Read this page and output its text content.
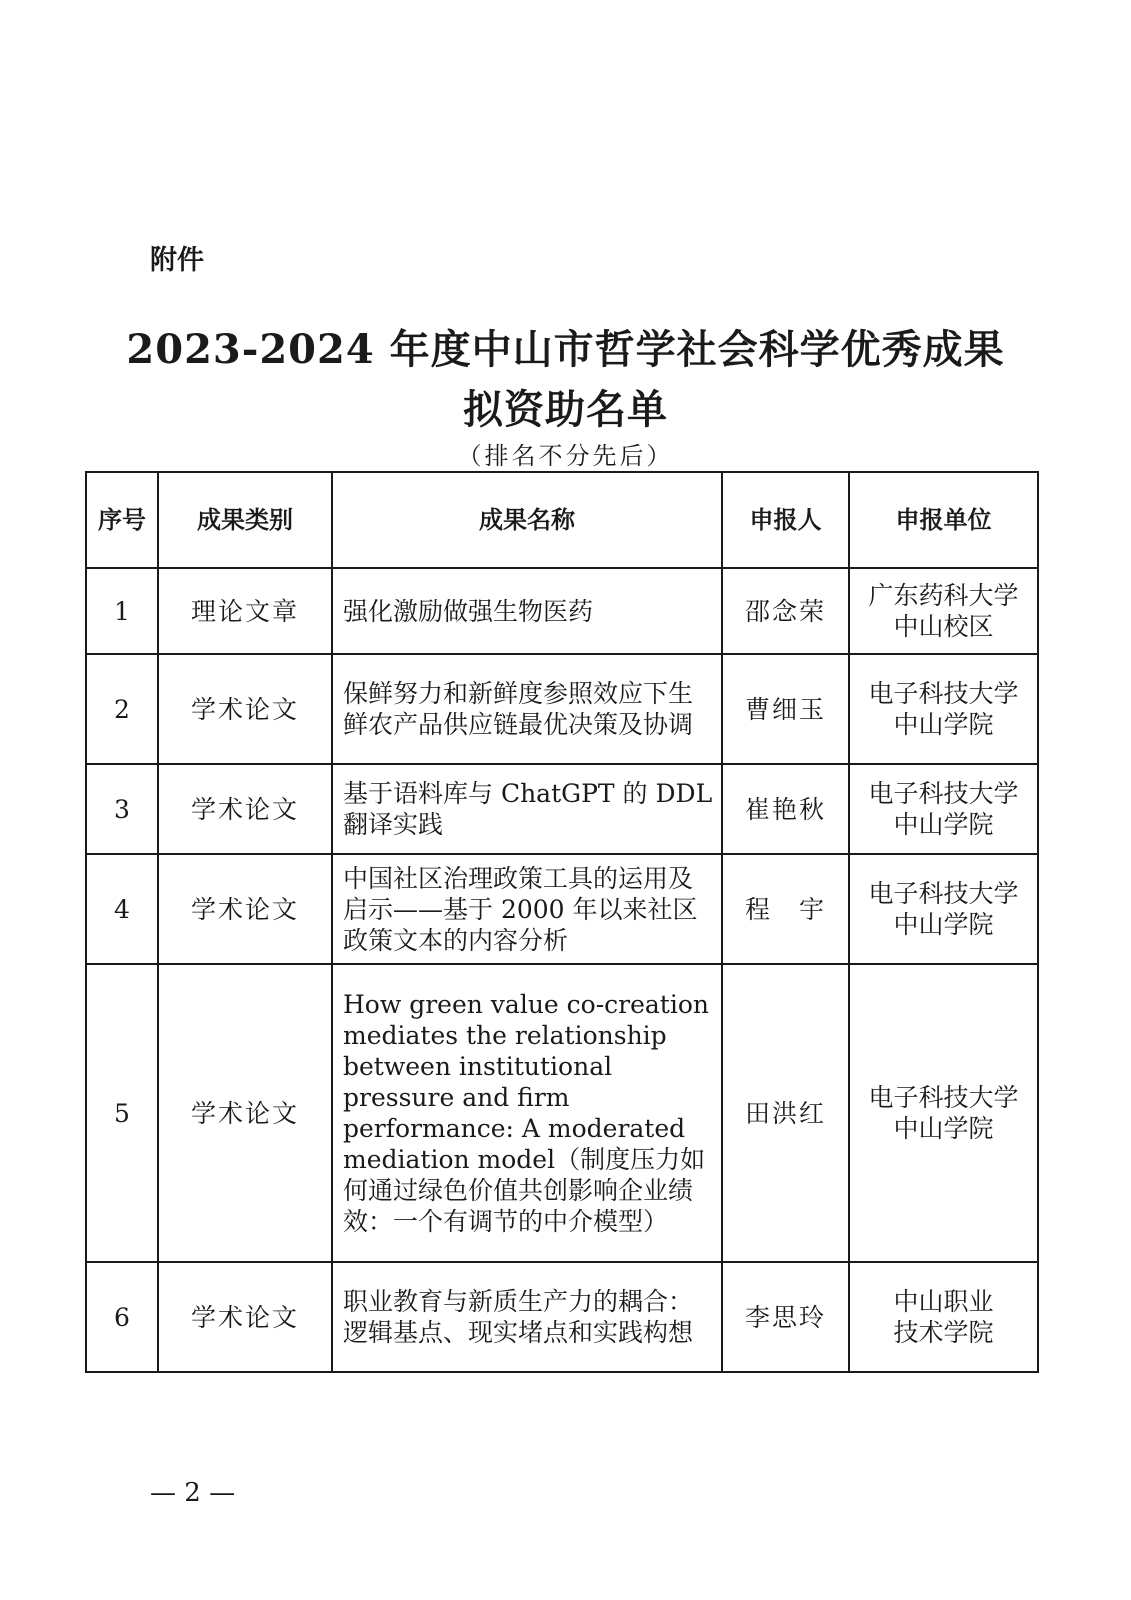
附件
2023-2024 年度中山市哲学社会科学优秀成果
拟资助名单
（排名不分先后）
序号	成果类别	成果名称	申报人	申报单位
1	理论文章	强化激励做强生物医药	邵念荣	广东药科大学
中山校区
2	学术论文	保鲜努力和新鲜度参照效应下生鲜农产品供应链最优决策及协调	曹细玉	电子科技大学
中山学院
3	学术论文	基于语料库与 ChatGPT 的 DDL 翻译实践	崔艳秋	电子科技大学
中山学院
4	学术论文	中国社区治理政策工具的运用及启示——基于 2000 年以来社区政策文本的内容分析	程　宇	电子科技大学
中山学院
5	学术论文	How green value co-creation mediates the relationship between institutional pressure and firm performance: A moderated mediation model（制度压力如何通过绿色价值共创影响企业绩效：一个有调节的中介模型）	田洪红	电子科技大学
中山学院
6	学术论文	职业教育与新质生产力的耦合：逻辑基点、现实堵点和实践构想	李思玲	中山职业
技术学院
— 2 —
